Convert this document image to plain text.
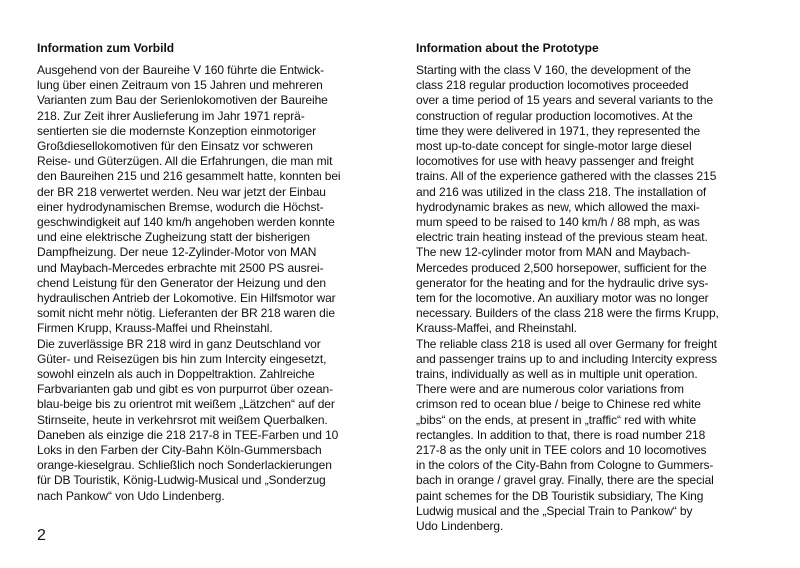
Information zum Vorbild
Ausgehend von der Baureihe V 160 führte die Entwick-
lung über einen Zeitraum von 15 Jahren und mehreren
Varianten zum Bau der Serienlokomotiven der Baureihe
218. Zur Zeit ihrer Auslieferung im Jahr 1971 reprä-
sentierten sie die modernste Konzeption einmotoriger
Großdiesellokomotiven für den Einsatz vor schweren
Reise- und Güterzügen. All die Erfahrungen, die man mit
den Baureihen 215 und 216 gesammelt hatte, konnten bei
der BR 218 verwertet werden. Neu war jetzt der Einbau
einer hydrodynamischen Bremse, wodurch die Höchst-
geschwindigkeit auf 140 km/h angehoben werden konnte
und eine elektrische Zugheizung statt der bisherigen
Dampfheizung. Der neue 12-Zylinder-Motor von MAN
und Maybach-Mercedes erbrachte mit 2500 PS ausrei-
chend Leistung für den Generator der Heizung und den
hydraulischen Antrieb der Lokomotive. Ein Hilfsmotor war
somit nicht mehr nötig. Lieferanten der BR 218 waren die
Firmen Krupp, Krauss-Maffei und Rheinstahl.
Die zuverlässige BR 218 wird in ganz Deutschland vor
Güter- und Reisezügen bis hin zum Intercity eingesetzt,
sowohl einzeln als auch in Doppeltraktion. Zahlreiche
Farbvarianten gab und gibt es von purpurrot über ozean-
blau-beige bis zu orientrot mit weißem „Lätzchen“ auf der
Stirnseite, heute in verkehrsrot mit weißem Querbalken.
Daneben als einzige die 218 217-8 in TEE-Farben und 10
Loks in den Farben der City-Bahn Köln-Gummersbach
orange-kieselgrau. Schließlich noch Sonderlackierungen
für DB Touristik, König-Ludwig-Musical und „Sonderzug
nach Pankow“ von Udo Lindenberg.
Information about the Prototype
Starting with the class V 160, the development of the
class 218 regular production locomotives proceeded
over a time period of 15 years and several variants to the
construction of regular production locomotives. At the
time they were delivered in 1971, they represented the
most up-to-date concept for single-motor large diesel
locomotives for use with heavy passenger and freight
trains. All of the experience gathered with the classes 215
and 216 was utilized in the class 218. The installation of
hydrodynamic brakes as new, which allowed the maxi-
mum speed to be raised to 140 km/h / 88 mph, as was
electric train heating instead of the previous steam heat.
The new 12-cylinder motor from MAN and Maybach-
Mercedes produced 2,500 horsepower, sufficient for the
generator for the heating and for the hydraulic drive sys-
tem for the locomotive. An auxiliary motor was no longer
necessary. Builders of the class 218 were the firms Krupp,
Krauss-Maffei, and Rheinstahl.
The reliable class 218 is used all over Germany for freight
and passenger trains up to and including Intercity express
trains, individually as well as in multiple unit operation.
There were and are numerous color variations from
crimson red to ocean blue / beige to Chinese red white
„bibs“ on the ends, at present in „traffic“ red with white
rectangles. In addition to that, there is road number 218
217-8 as the only unit in TEE colors and 10 locomotives
in the colors of the City-Bahn from Cologne to Gummers-
bach in orange / gravel gray. Finally, there are the special
paint schemes for the DB Touristik subsidiary, The King
Ludwig musical and the „Special Train to Pankow“ by
Udo Lindenberg.
2
